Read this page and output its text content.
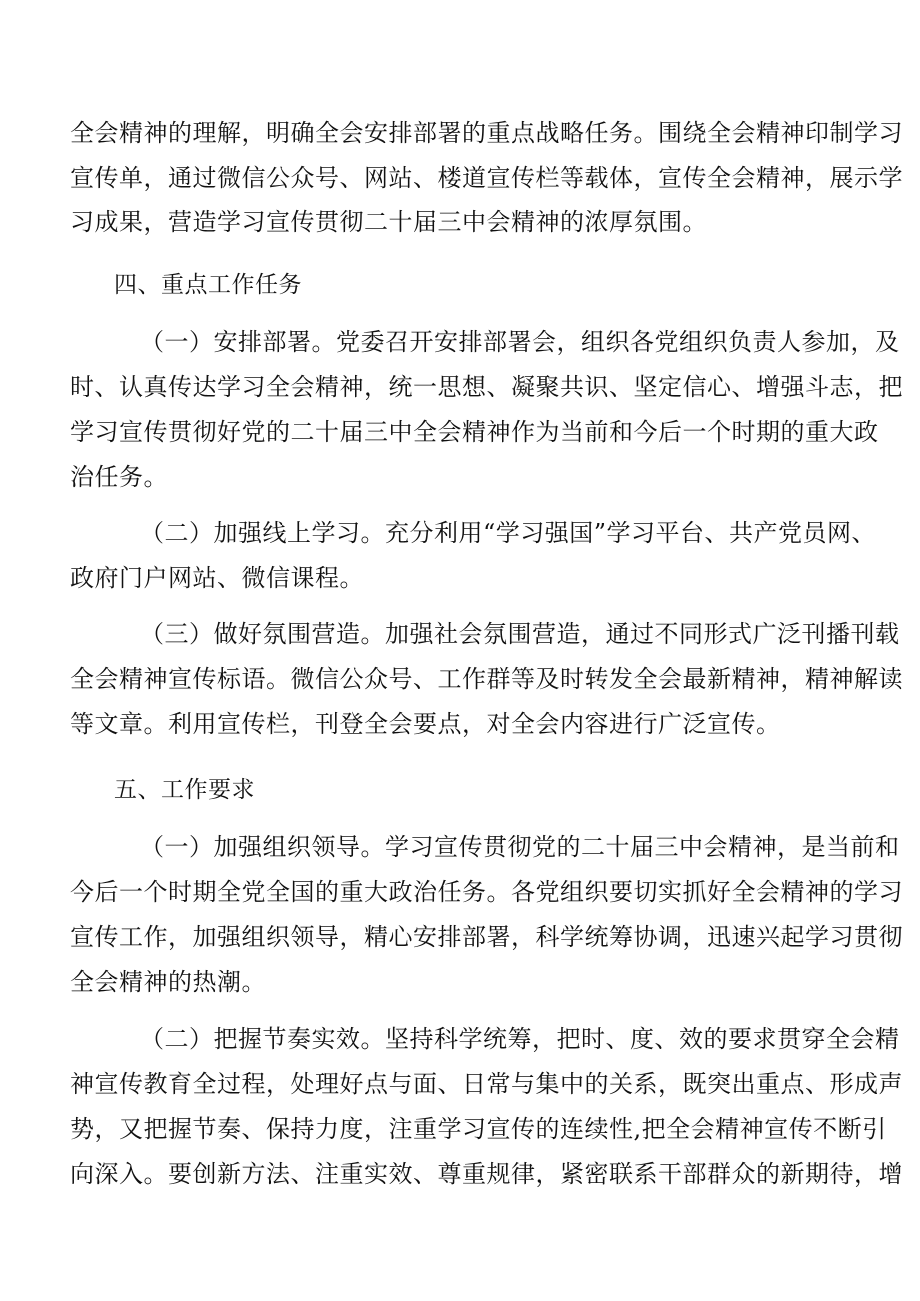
全会精神的理解，明确全会安排部署的重点战略任务。围绕全会精神印制学习
宣传单，通过微信公众号、网站、楼道宣传栏等载体，宣传全会精神，展示学
习成果，营造学习宣传贯彻二十届三中会精神的浓厚氛围。
四、重点工作任务
（一）安排部署。党委召开安排部署会，组织各党组织负责人参加，及
时、认真传达学习全会精神，统一思想、凝聚共识、坚定信心、增强斗志，把
学习宣传贯彻好党的二十届三中全会精神作为当前和今后一个时期的重大政
治任务。
（二）加强线上学习。充分利用“学习强国”学习平台、共产党员网、
政府门户网站、微信课程。
（三）做好氛围营造。加强社会氛围营造，通过不同形式广泛刊播刊载
全会精神宣传标语。微信公众号、工作群等及时转发全会最新精神，精神解读
等文章。利用宣传栏，刊登全会要点，对全会内容进行广泛宣传。
五、工作要求
（一）加强组织领导。学习宣传贯彻党的二十届三中会精神，是当前和
今后一个时期全党全国的重大政治任务。各党组织要切实抓好全会精神的学习
宣传工作，加强组织领导，精心安排部署，科学统筹协调，迅速兴起学习贯彻
全会精神的热潮。
（二）把握节奏实效。坚持科学统筹，把时、度、效的要求贯穿全会精
神宣传教育全过程，处理好点与面、日常与集中的关系，既突出重点、形成声
势，又把握节奏、保持力度，注重学习宣传的连续性,把全会精神宣传不断引
向深入。要创新方法、注重实效、尊重规律，紧密联系干部群众的新期待，增
